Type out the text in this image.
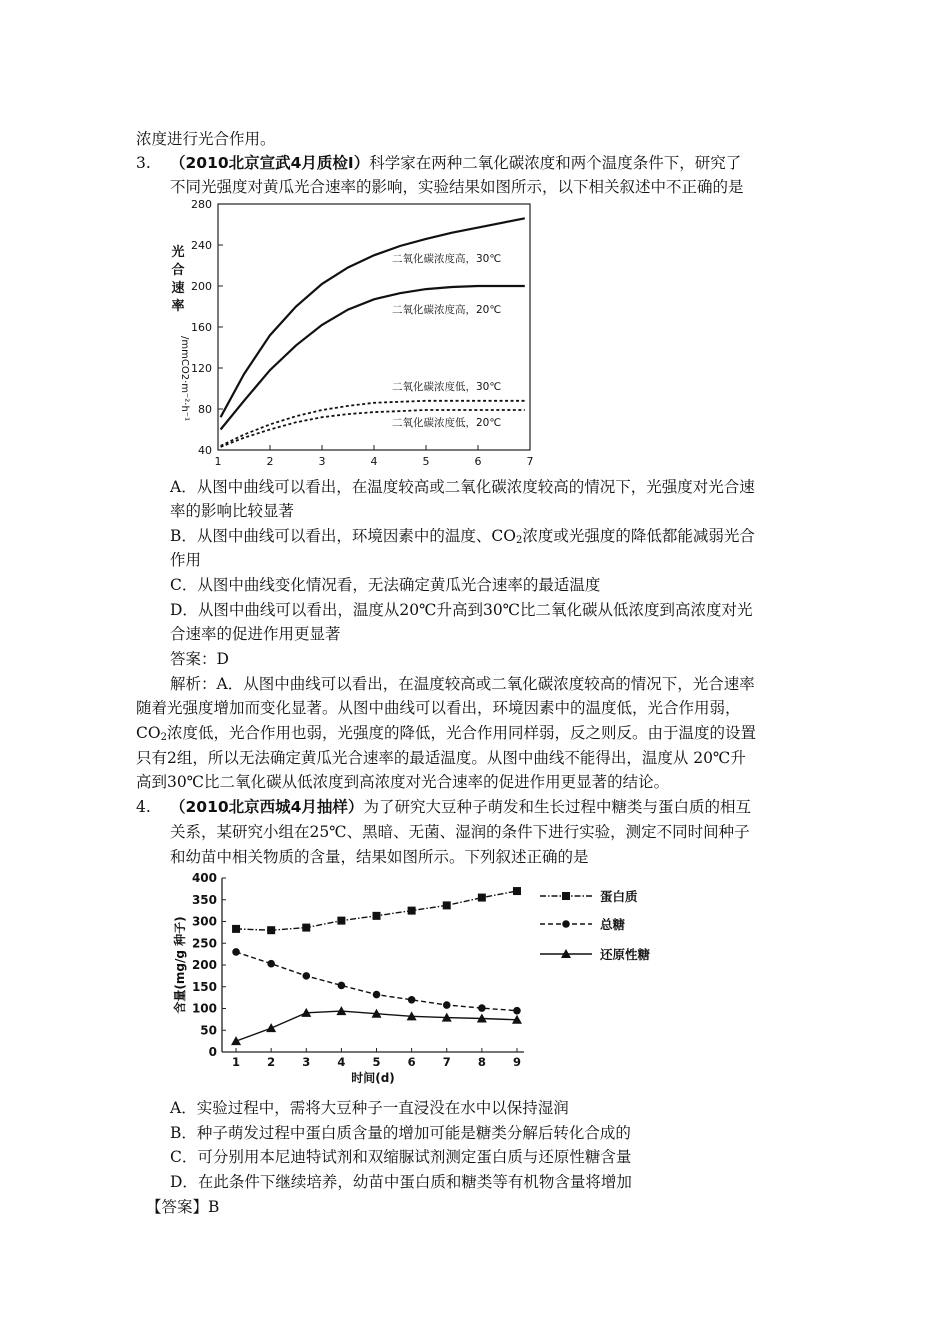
浓度进行光合作用。
3. （2010北京宣武4月质检I）科学家在两种二氧化碳浓度和两个温度条件下，研究了
不同光强度对黄瓜光合速率的影响，实验结果如图所示，以下相关叙述中不正确的是
40
80
120
160
200
240
280
1	2	3	4	5	6	7
光
合
速
率
/mmCO2·m⁻²·h⁻¹
二氧化碳浓度高，30℃
二氧化碳浓度高，20℃
二氧化碳浓度低，30℃
二氧化碳浓度低，20℃
A．从图中曲线可以看出，在温度较高或二氧化碳浓度较高的情况下，光强度对光合速
率的影响比较显著
B．从图中曲线可以看出，环境因素中的温度、$CO_2$浓度或光强度的降低都能减弱光合
作用
C．从图中曲线变化情况看，无法确定黄瓜光合速率的最适温度
D．从图中曲线可以看出，温度从20℃升高到30℃比二氧化碳从低浓度到高浓度对光
合速率的促进作用更显著
答案：D
解析：A．从图中曲线可以看出，在温度较高或二氧化碳浓度较高的情况下，光合速率
随着光强度增加而变化显著。从图中曲线可以看出，环境因素中的温度低，光合作用弱，
$CO_2$浓度低，光合作用也弱，光强度的降低，光合作用同样弱，反之则反。由于温度的设置
只有2组，所以无法确定黄瓜光合速率的最适温度。从图中曲线不能得出，温度从 20℃升
高到30℃比二氧化碳从低浓度到高浓度对光合速率的促进作用更显著的结论。
4. （2010北京西城4月抽样）为了研究大豆种子萌发和生长过程中糖类与蛋白质的相互
关系，某研究小组在25℃、黑暗、无菌、湿润的条件下进行实验，测定不同时间种子
和幼苗中相关物质的含量，结果如图所示。下列叙述正确的是
0
50
100
150
200
250
300
350
400
1 2 3 4 5 6 7 8 9
时间(d)
含量(mg/g 种子)
蛋白质
总糖
还原性糖
A．实验过程中，需将大豆种子一直浸没在水中以保持湿润
B．种子萌发过程中蛋白质含量的增加可能是糖类分解后转化合成的
C．可分别用本尼迪特试剂和双缩脲试剂测定蛋白质与还原性糖含量
D．在此条件下继续培养，幼苗中蛋白质和糖类等有机物含量将增加
【答案】B
